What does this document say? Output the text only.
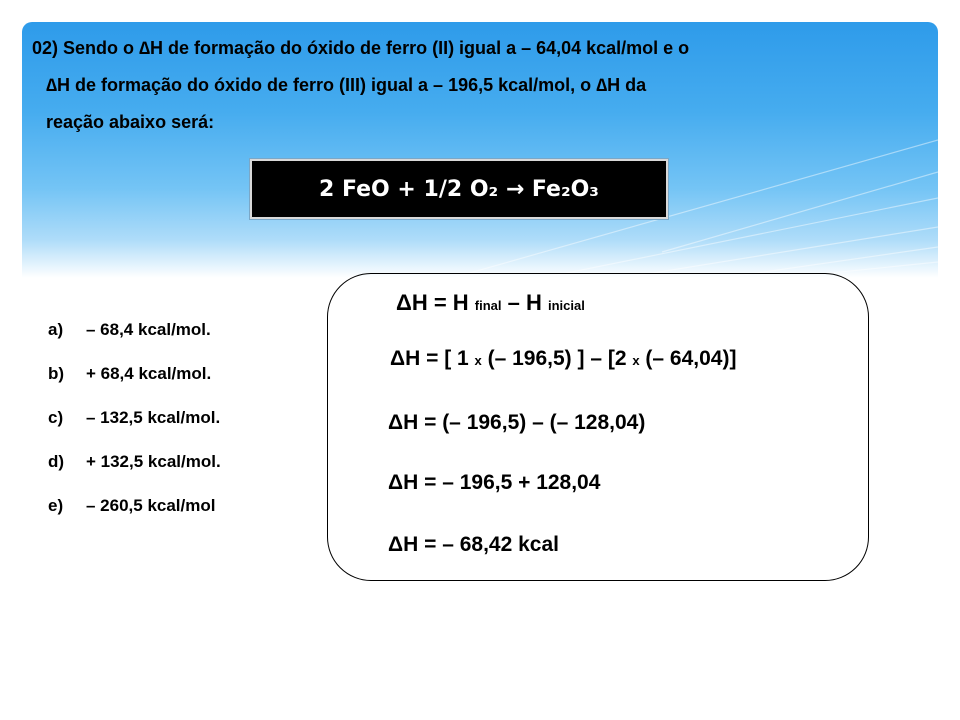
02) Sendo o ∆H de formação do óxido de ferro (II) igual a – 64,04 kcal/mol e o
∆H de formação do óxido de ferro (III) igual a – 196,5 kcal/mol, o ∆H da
reação abaixo será:
2 FeO + 1/2 O₂ → Fe₂O₃
a) – 68,4 kcal/mol.
b) + 68,4 kcal/mol.
c) – 132,5 kcal/mol.
d) + 132,5 kcal/mol.
e) – 260,5 kcal/mol
ΔH = H final – H inicial
ΔH = [ 1 x (– 196,5) ] – [2 x (– 64,04)]
ΔH = (– 196,5) – (– 128,04)
ΔH = – 196,5 + 128,04
ΔH = – 68,42 kcal
